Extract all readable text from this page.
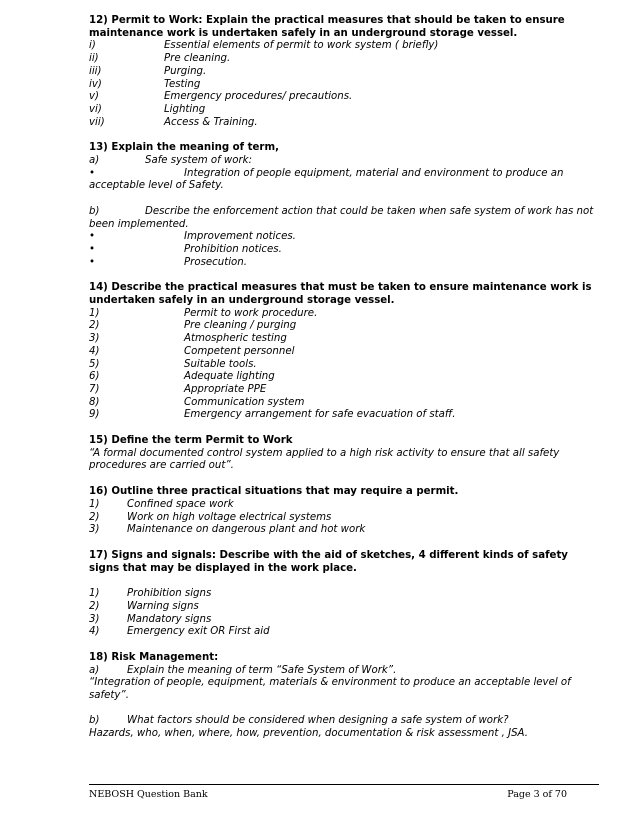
12) Permit to Work: Explain the practical measures that should be taken to ensure maintenance work is undertaken safely in an underground storage vessel.

i)	Essential elements of permit to work system ( briefly)
ii)	Pre cleaning.
iii)	Purging.
iv)	Testing
v)	Emergency procedures/ precautions.
vi)	Lighting
vii)	Access & Training.

13) Explain the meaning of term,

a)	Safe system of work:
•	Integration of people equipment, material and environment to produce an

acceptable level of Safety.

b)	Describe the enforcement action that could be taken when safe system of work has not been implemented.

•	Improvement notices.
•	Prohibition notices.
•	Prosecution.

14) Describe the practical measures that must be taken to ensure maintenance work is undertaken safely in an underground storage vessel.

1)	Permit to work procedure.
2)	Pre cleaning / purging
3)	Atmospheric testing
4)	Competent personnel
5)	Suitable tools.
6)	Adequate lighting
7)	Appropriate PPE
8)	Communication system
9)	Emergency arrangement for safe evacuation of staff.

15) Define the term Permit to Work

“A formal documented control system applied to a high risk activity to ensure that all safety procedures are carried out”.

16) Outline three practical situations that may require a permit.

1)	Confined space work
2)	Work on high voltage electrical systems
3)	Maintenance on dangerous plant and hot work

17) Signs and signals: Describe with the aid of sketches, 4 different kinds of safety signs that may be displayed in the work place.

1)	Prohibition signs
2)	Warning signs
3)	Mandatory signs
4)	Emergency exit OR First aid

18) Risk Management:

a)	Explain the meaning of term “Safe System of Work”.

“Integration of people, equipment, materials & environment to produce an acceptable level of safety”.

b)	What factors should be considered when designing a safe system of work?

Hazards, who, when, where, how, prevention, documentation & risk assessment , JSA.

NEBOSH Question Bank	Page 3 of 70
